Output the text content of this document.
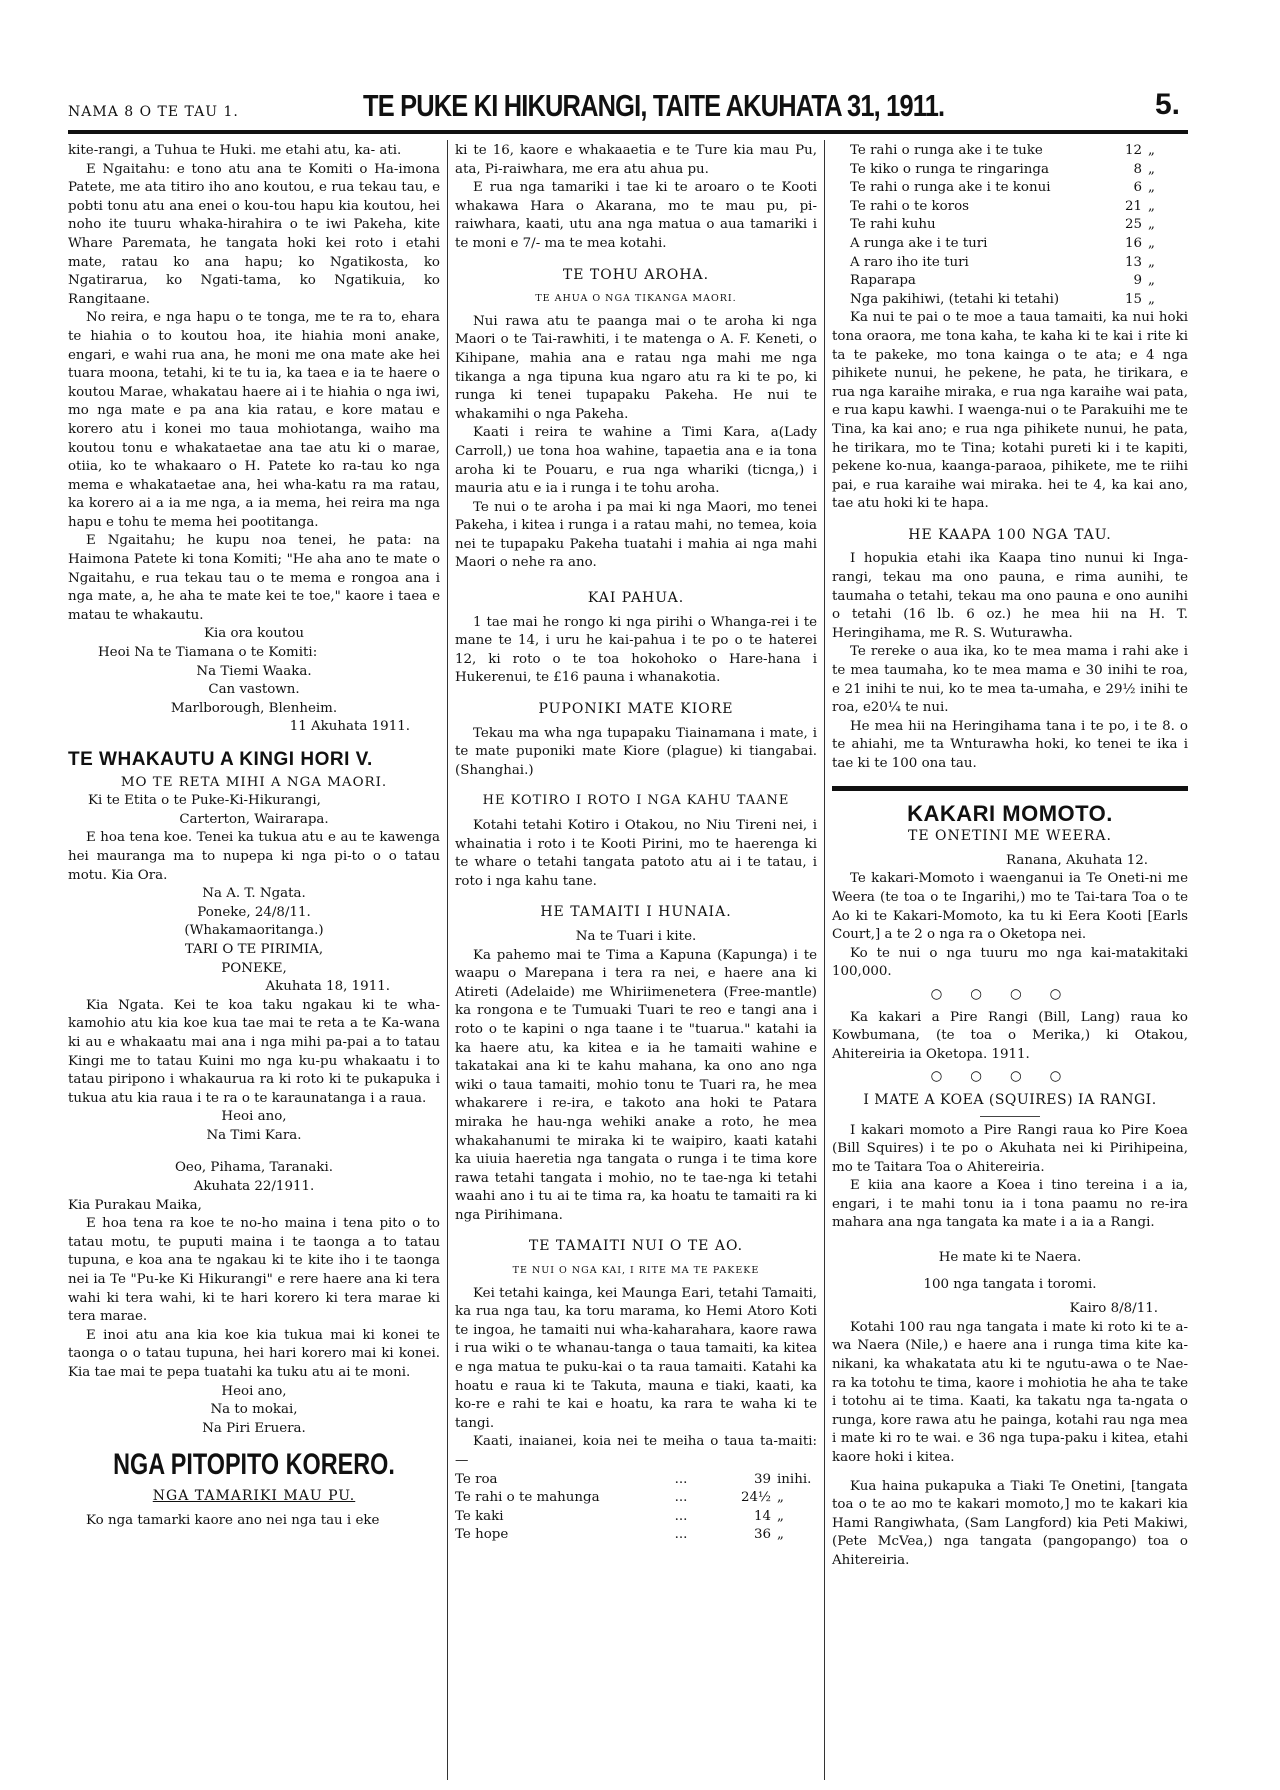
NAMA 8 O TE TAU 1.	TE PUKE KI HIKURANGI, TAITE AKUHATA 31, 1911.	5.

kite-rangi, a Tuhua te Huki. me etahi atu, ka- ati.

E Ngaitahu: e tono atu ana te Komiti o Ha-imona Patete, me ata titiro iho ano koutou, e rua tekau tau, e pobti tonu atu ana enei o kou-tou hapu kia koutou, hei noho ite tuuru whaka-hirahira o te iwi Pakeha, kite Whare Paremata, he tangata hoki kei roto i etahi mate, ratau ko ana hapu; ko Ngatikosta, ko Ngatirarua, ko Ngati-tama, ko Ngatikuia, ko Rangitaane.

No reira, e nga hapu o te tonga, me te ra to, ehara te hiahia o to koutou hoa, ite hiahia moni anake, engari, e wahi rua ana, he moni me ona mate ake hei tuara moona, tetahi, ki te tu ia, ka taea e ia te haere o koutou Marae, whakatau haere ai i te hiahia o nga iwi, mo nga mate e pa ana kia ratau, e kore matau e korero atu i konei mo taua mohiotanga, waiho ma koutou tonu e whakataetae ana tae atu ki o marae, otiia, ko te whakaaro o H. Patete ko ra-tau ko nga mema e whakataetae ana, hei wha-katu ra ma ratau, ka korero ai a ia me nga, a ia mema, hei reira ma nga hapu e tohu te mema hei pootitanga.

E Ngaitahu; he kupu noa tenei, he pata: na Haimona Patete ki tona Komiti; "He aha ano te mate o Ngaitahu, e rua tekau tau o te mema e rongoa ana i nga mate, a, he aha te mate kei te toe," kaore i taea e matau te whakautu.

Kia ora koutou

Heoi Na te Tiamana o te Komiti:

Na Tiemi Waaka.

Can vastown.

Marlborough, Blenheim.

11 Akuhata 1911.

TE WHAKAUTU A KINGI HORI V.
MO TE RETA MIHI A NGA MAORI.

Ki te Etita o te Puke-Ki-Hikurangi,

Carterton, Wairarapa.

E hoa tena koe. Tenei ka tukua atu e au te kawenga hei mauranga ma to nupepa ki nga pi-to o o tatau motu. Kia Ora.

Na A. T. Ngata.

Poneke, 24/8/11.

(Whakamaoritanga.)

TARI O TE PIRIMIA,

PONEKE,

Akuhata 18, 1911.

Kia Ngata. Kei te koa taku ngakau ki te wha-kamohio atu kia koe kua tae mai te reta a te Ka-wana ki au e whakaatu mai ana i nga mihi pa-pai a to tatau Kingi me to tatau Kuini mo nga ku-pu whakaatu i to tatau piripono i whakaurua ra ki roto ki te pukapuka i tukua atu kia raua i te ra o te karaunatanga i a raua.

Heoi ano,

Na Timi Kara.

Oeo, Pihama, Taranaki.

Akuhata 22/1911.

Kia Purakau Maika,

E hoa tena ra koe te no-ho maina i tena pito o to tatau motu, te puputi maina i te taonga a to tatau tupuna, e koa ana te ngakau ki te kite iho i te taonga nei ia Te "Pu-ke Ki Hikurangi" e rere haere ana ki tera wahi ki tera wahi, ki te hari korero ki tera marae ki tera marae.

E inoi atu ana kia koe kia tukua mai ki konei te taonga o o tatau tupuna, hei hari korero mai ki konei. Kia tae mai te pepa tuatahi ka tuku atu ai te moni.

Heoi ano,

Na to mokai,

Na Piri Eruera.

NGA PITOPITO KORERO.
NGA TAMARIKI MAU PU.

Ko nga tamarki kaore ano nei nga tau i eke

ki te 16, kaore e whakaaetia e te Ture kia mau Pu, ata, Pi-raiwhara, me era atu ahua pu.

E rua nga tamariki i tae ki te aroaro o te Kooti whakawa Hara o Akarana, mo te mau pu, pi-raiwhara, kaati, utu ana nga matua o aua tamariki i te moni e 7/- ma te mea kotahi.

TE TOHU AROHA.
TE AHUA O NGA TIKANGA MAORI.

Nui rawa atu te paanga mai o te aroha ki nga Maori o te Tai-rawhiti, i te matenga o A. F. Keneti, o Kihipane, mahia ana e ratau nga mahi me nga tikanga a nga tipuna kua ngaro atu ra ki te po, ki runga ki tenei tupapaku Pakeha. He nui te whakamihi o nga Pakeha.

Kaati i reira te wahine a Timi Kara, a(Lady Carroll,) ue tona hoa wahine, tapaetia ana e ia tona aroha ki te Pouaru, e rua nga whariki (ticnga,) i mauria atu e ia i runga i te tohu aroha.

Te nui o te aroha i pa mai ki nga Maori, mo tenei Pakeha, i kitea i runga i a ratau mahi, no temea, koia nei te tupapaku Pakeha tuatahi i mahia ai nga mahi Maori o nehe ra ano.

KAI PAHUA.

1 tae mai he rongo ki nga pirihi o Whanga-rei i te mane te 14, i uru he kai-pahua i te po o te haterei 12, ki roto o te toa hokohoko o Hare-hana i Hukerenui, te £16 pauna i whanakotia.

PUPONIKI MATE KIORE

Tekau ma wha nga tupapaku Tiainamana i mate, i te mate puponiki mate Kiore (plague) ki tiangabai. (Shanghai.)

HE KOTIRO I ROTO I NGA KAHU TAANE

Kotahi tetahi Kotiro i Otakou, no Niu Tireni nei, i whainatia i roto i te Kooti Pirini, mo te haerenga ki te whare o tetahi tangata patoto atu ai i te tatau, i roto i nga kahu tane.

HE TAMAITI I HUNAIA.

Na te Tuari i kite.

Ka pahemo mai te Tima a Kapuna (Kapunga) i te waapu o Marepana i tera ra nei, e haere ana ki Atireti (Adelaide) me Whiriimenetera (Free-mantle) ka rongona e te Tumuaki Tuari te reo e tangi ana i roto o te kapini o nga taane i te "tuarua." katahi ia ka haere atu, ka kitea e ia he tamaiti wahine e takatakai ana ki te kahu mahana, ka ono ano nga wiki o taua tamaiti, mohio tonu te Tuari ra, he mea whakarere i re-ira, e takoto ana hoki te Patara miraka he hau-nga wehiki anake a roto, he mea whakahanumi te miraka ki te waipiro, kaati katahi ka uiuia haeretia nga tangata o runga i te tima kore rawa tetahi tangata i mohio, no te tae-nga ki tetahi waahi ano i tu ai te tima ra, ka hoatu te tamaiti ra ki nga Pirihimana.

TE TAMAITI NUI O TE AO.
TE NUI O NGA KAI, I RITE MA TE PAKEKE

Kei tetahi kainga, kei Maunga Eari, tetahi Tamaiti, ka rua nga tau, ka toru marama, ko Hemi Atoro Koti te ingoa, he tamaiti nui wha-kaharahara, kaore rawa i rua wiki o te whanau-tanga o taua tamaiti, ka kitea e nga matua te puku-kai o ta raua tamaiti. Katahi ka hoatu e raua ki te Takuta, mauna e tiaki, kaati, ka ko-re e rahi te kai e hoatu, ka rara te waha ki te tangi.

Kaati, inaianei, koia nei te meiha o taua ta-maiti:—

Te roa	...	39	inihi.
Te rahi o te mahunga	...	24½	„
Te kaki	...	14	„
Te hope	...	36	„
Te rahi o runga ake i te tuke	12	„
Te kiko o runga te ringaringa	8	„
Te rahi o runga ake i te konui	6	„
Te rahi o te koros	21	„
Te rahi kuhu	25	„
A runga ake i te turi	16	„
A raro iho ite turi	13	„
Raparapa	9	„
Nga pakihiwi, (tetahi ki tetahi)	15	„

Ka nui te pai o te moe a taua tamaiti, ka nui hoki tona oraora, me tona kaha, te kaha ki te kai i rite ki ta te pakeke, mo tona kainga o te ata; e 4 nga pihikete nunui, he pekene, he pata, he tirikara, e rua nga karaihe miraka, e rua nga karaihe wai pata, e rua kapu kawhi. I waenga-nui o te Parakuihi me te Tina, ka kai ano; e rua nga pihikete nunui, he pata, he tirikara, mo te Tina; kotahi pureti ki i te kapiti, pekene ko-nua, kaanga-paraoa, pihikete, me te riihi pai, e rua karaihe wai miraka. hei te 4, ka kai ano, tae atu hoki ki te hapa.

HE KAAPA 100 NGA TAU.

I hopukia etahi ika Kaapa tino nunui ki Inga-rangi, tekau ma ono pauna, e rima aunihi, te taumaha o tetahi, tekau ma ono pauna e ono aunihi o tetahi (16 lb. 6 oz.) he mea hii na H. T. Heringihama, me R. S. Wuturawha.

Te rereke o aua ika, ko te mea mama i rahi ake i te mea taumaha, ko te mea mama e 30 inihi te roa, e 21 inihi te nui, ko te mea ta-umaha, e 29½ inihi te roa, e20¼ te nui.

He mea hii na Heringihama tana i te po, i te 8. o te ahiahi, me ta Wnturawha hoki, ko tenei te ika i tae ki te 100 ona tau.

KAKARI MOMOTO.
TE ONETINI ME WEERA.

Ranana, Akuhata 12.

Te kakari-Momoto i waenganui ia Te Oneti-ni me Weera (te toa o te Ingarihi,) mo te Tai-tara Toa o te Ao ki te Kakari-Momoto, ka tu ki Eera Kooti [Earls Court,] a te 2 o nga ra o Oketopa nei.

Ko te nui o nga tuuru mo nga kai-matakitaki 100,000.

○○○○

Ka kakari a Pire Rangi (Bill, Lang) raua ko Kowbumana, (te toa o Merika,) ki Otakou, Ahitereiria ia Oketopa. 1911.

○○○○
I MATE A KOEA (SQUIRES) IA RANGI.

I kakari momoto a Pire Rangi raua ko Pire Koea (Bill Squires) i te po o Akuhata nei ki Pirihipeina, mo te Taitara Toa o Ahitereiria.

E kiia ana kaore a Koea i tino tereina i a ia, engari, i te mahi tonu ia i tona paamu no re-ira mahara ana nga tangata ka mate i a ia a Rangi.

He mate ki te Naera.

100 nga tangata i toromi.

Kairo 8/8/11.

Kotahi 100 rau nga tangata i mate ki roto ki te a-wa Naera (Nile,) e haere ana i runga tima kite ka-nikani, ka whakatata atu ki te ngutu-awa o te Nae-ra ka totohu te tima, kaore i mohiotia he aha te take i totohu ai te tima. Kaati, ka takatu nga ta-ngata o runga, kore rawa atu he painga, kotahi rau nga mea i mate ki ro te wai. e 36 nga tupa-paku i kitea, etahi kaore hoki i kitea.

Kua haina pukapuka a Tiaki Te Onetini, [tangata toa o te ao mo te kakari momoto,] mo te kakari kia Hami Rangiwhata, (Sam Langford) kia Peti Makiwi, (Pete McVea,) nga tangata (pangopango) toa o Ahitereiria.
